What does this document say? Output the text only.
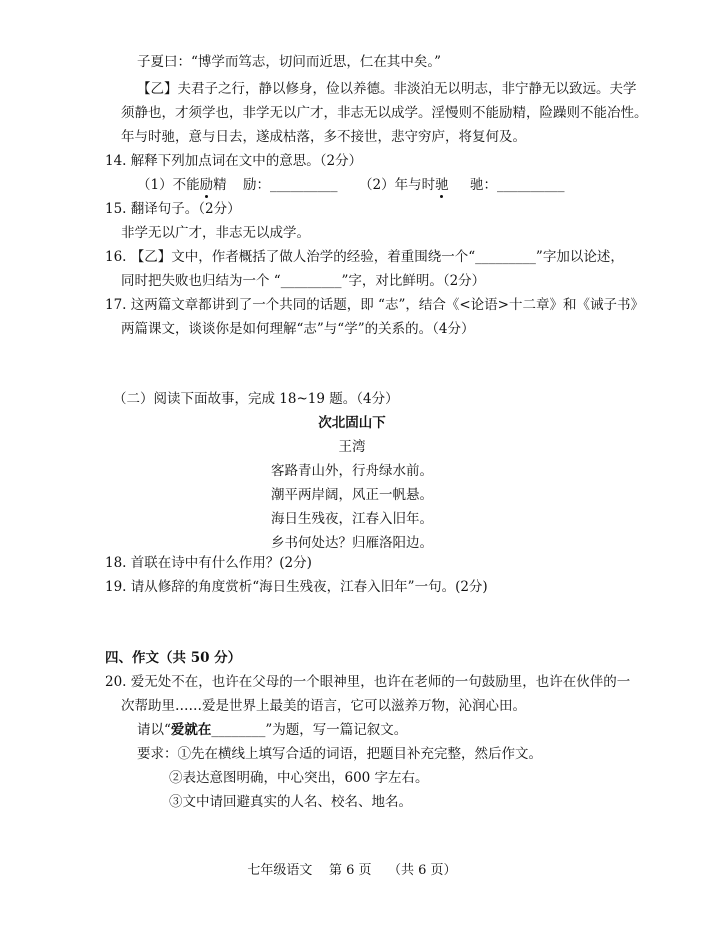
子夏曰：“博学而笃志，切问而近思，仁在其中矣。”
【乙】夫君子之行，静以修身，俭以养德。非淡泊无以明志，非宁静无以致远。夫学
须静也，才须学也，非学无以广才，非志无以成学。淫慢则不能励精，险躁则不能冶性。
年与时驰，意与日去，遂成枯落，多不接世，悲守穷庐，将复何及。
14. 解释下列加点词在文中的意思。（2分）
（1）不能励精 励：__________ （2）年与时驰 驰：__________
15. 翻译句子。（2分）
非学无以广才，非志无以成学。
16. 【乙】文中，作者概括了做人治学的经验，着重围绕一个“_________”字加以论述，
同时把失败也归结为一个 “_________”字，对比鲜明。（2分）
17. 这两篇文章都讲到了一个共同的话题，即 “志”，结合《<论语>十二章》和《诫子书》
两篇课文，谈谈你是如何理解“志”与“学”的关系的。（4分）
（二）阅读下面故事，完成 18~19 题。（4分）
次北固山下
王湾
客路青山外，行舟绿水前。
潮平两岸阔，风正一帆悬。
海日生残夜，江春入旧年。
乡书何处达？归雁洛阳边。
18. 首联在诗中有什么作用？(2分)
19. 请从修辞的角度赏析“海日生残夜，江春入旧年”一句。(2分)
四、作文（共 50 分）
20. 爱无处不在，也许在父母的一个眼神里，也许在老师的一句鼓励里，也许在伙伴的一
次帮助里……爱是世界上最美的语言，它可以滋养万物，沁润心田。
请以“爱就在________”为题，写一篇记叙文。
要求：①先在横线上填写合适的词语，把题目补充完整，然后作文。
②表达意图明确，中心突出，600 字左右。
③文中请回避真实的人名、校名、地名。
七年级语文    第 6 页    （共 6 页）
